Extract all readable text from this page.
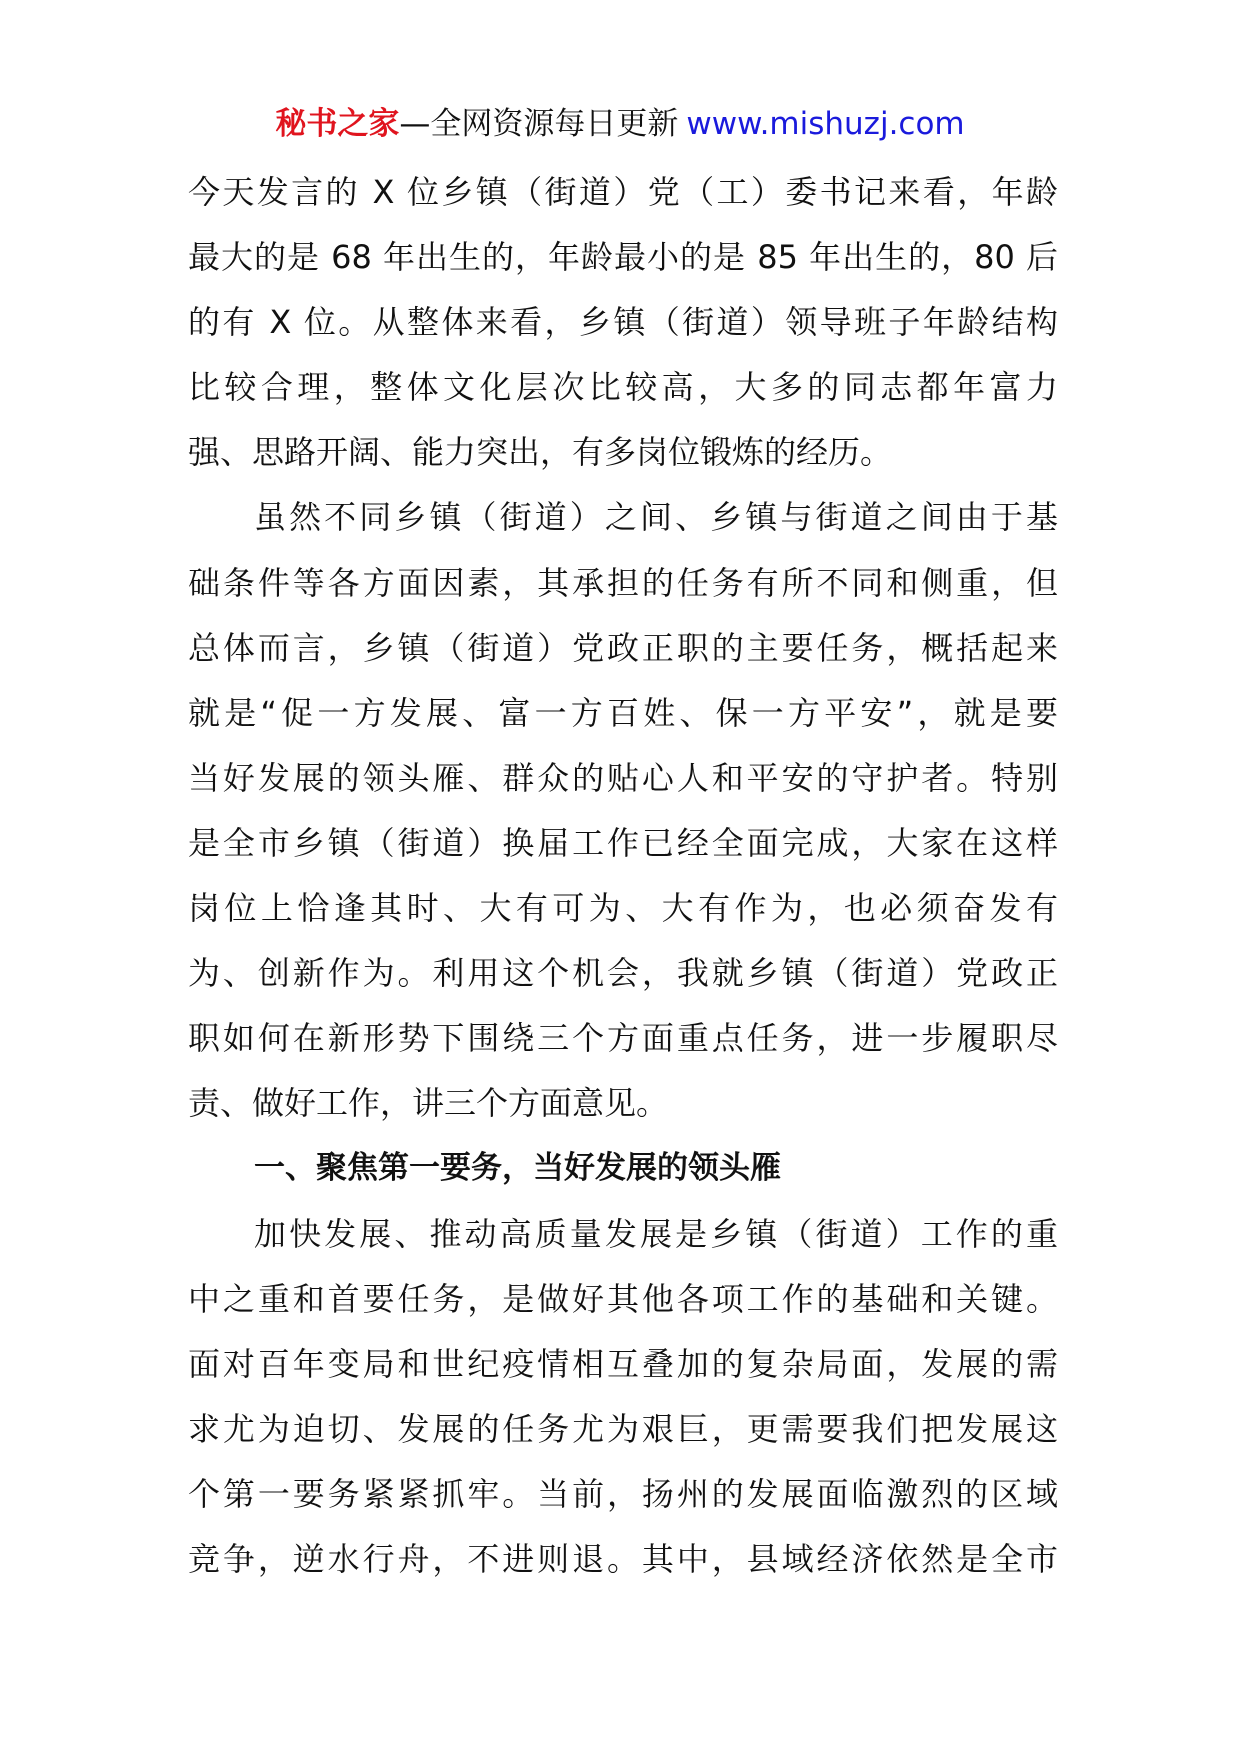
秘书之家—全网资源每日更新 www.mishuzj.com
今天发言的 X 位乡镇（街道）党（工）委书记来看，年龄
最大的是 68 年出生的，年龄最小的是 85 年出生的，80 后
的有 X 位。从整体来看，乡镇（街道）领导班子年龄结构
比较合理，整体文化层次比较高，大多的同志都年富力
强、思路开阔、能力突出，有多岗位锻炼的经历。
虽然不同乡镇（街道）之间、乡镇与街道之间由于基
础条件等各方面因素，其承担的任务有所不同和侧重，但
总体而言，乡镇（街道）党政正职的主要任务，概括起来
就是“促一方发展、富一方百姓、保一方平安”，就是要
当好发展的领头雁、群众的贴心人和平安的守护者。特别
是全市乡镇（街道）换届工作已经全面完成，大家在这样
岗位上恰逢其时、大有可为、大有作为，也必须奋发有
为、创新作为。利用这个机会，我就乡镇（街道）党政正
职如何在新形势下围绕三个方面重点任务，进一步履职尽
责、做好工作，讲三个方面意见。
一、聚焦第一要务，当好发展的领头雁
加快发展、推动高质量发展是乡镇（街道）工作的重
中之重和首要任务，是做好其他各项工作的基础和关键。
面对百年变局和世纪疫情相互叠加的复杂局面，发展的需
求尤为迫切、发展的任务尤为艰巨，更需要我们把发展这
个第一要务紧紧抓牢。当前，扬州的发展面临激烈的区域
竞争，逆水行舟，不进则退。其中，县域经济依然是全市
